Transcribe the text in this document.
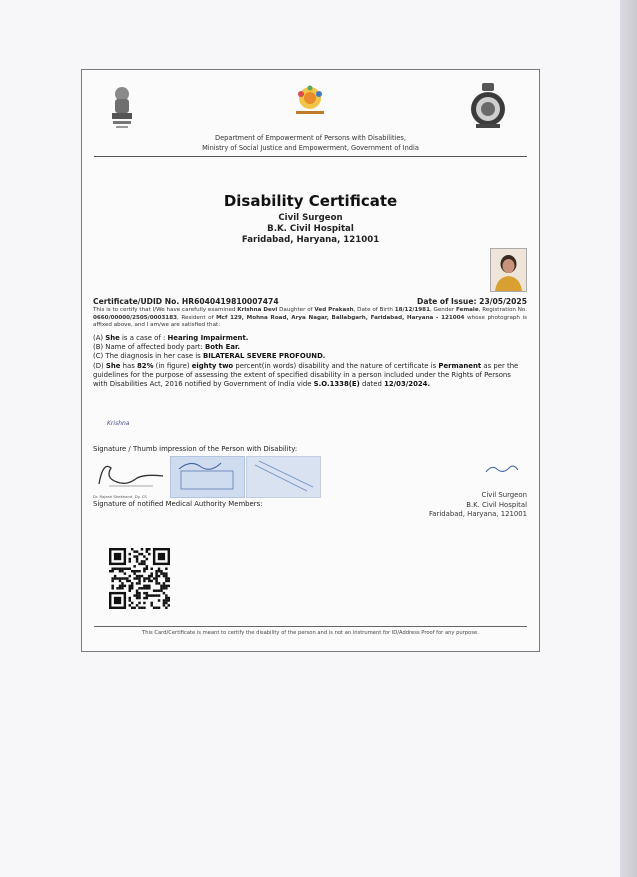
Department of Empowerment of Persons with Disabilities,
Ministry of Social Justice and Empowerment, Government of India
Disability Certificate
Civil Surgeon
B.K. Civil Hospital
Faridabad, Haryana, 121001
Certificate/UDID No. HR6040419810007474	Date of Issue: 23/05/2025
This is to certify that I/We have carefully examined Krishna Devi Daughter of Ved Prakash, Date of Birth 18/12/1981, Gender Female, Registration No. 0660/00000/2505/0003183, Resident of Mcf 129, Mohna Road, Arya Nagar, Ballabgarh, Faridabad, Haryana - 121004 whose photograph is affixed above, and I am/we are satisfied that:
(A) She is a case of : Hearing Impairment.
(B) Name of affected body part: Both Ear.
(C) The diagnosis in her case is BILATERAL SEVERE PROFOUND.
(D) She has 82% (in figure) eighty two percent(in words) disability and the nature of certificate is Permanent as per the guidelines for the purpose of assessing the extent of specified disability in a person included under the Rights of Persons with Disabilities Act, 2016 notified by Government of India vide S.O.1338(E) dated 12/03/2024.
Krishna
Signature / Thumb impression of the Person with Disability:
Dr. Rajesh Shekhand, Dy. CS
Signature of notified Medical Authority Members:
Civil Surgeon
B.K. Civil Hospital
Faridabad, Haryana, 121001
This Card/Certificate is meant to certify the disability of the person and is not an instrument for ID/Address Proof for any purpose.
